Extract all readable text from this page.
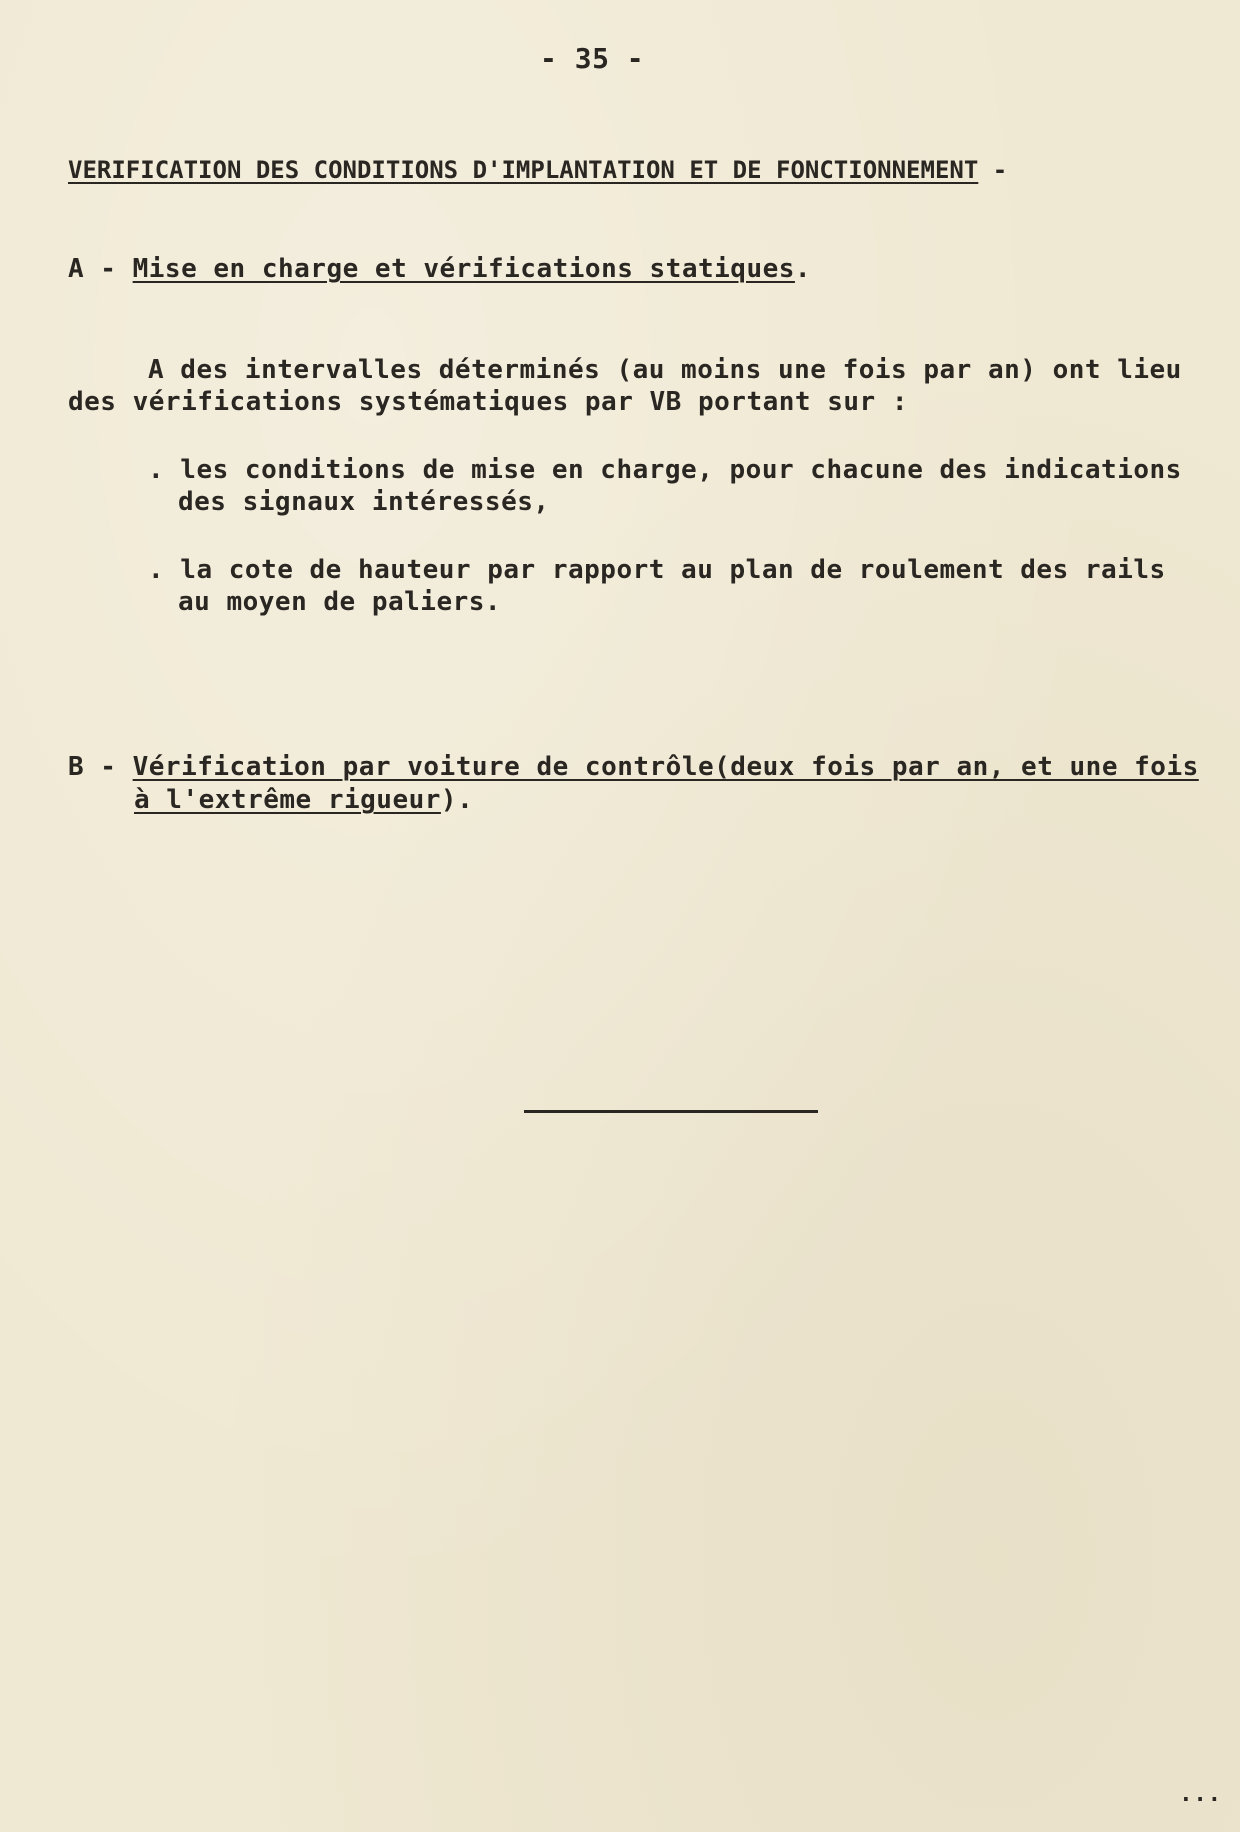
- 35 -
VERIFICATION DES CONDITIONS D'IMPLANTATION ET DE FONCTIONNEMENT -
A - Mise en charge et vérifications statiques.
A des intervalles déterminés (au moins une fois par an) ont lieu
des vérifications systématiques par VB portant sur :
. les conditions de mise en charge, pour chacune des indications
des signaux intéressés,
. la cote de hauteur par rapport au plan de roulement des rails
au moyen de paliers.
B - Vérification par voiture de contrôle(deux fois par an, et une fois
à l'extrême rigueur).
...
